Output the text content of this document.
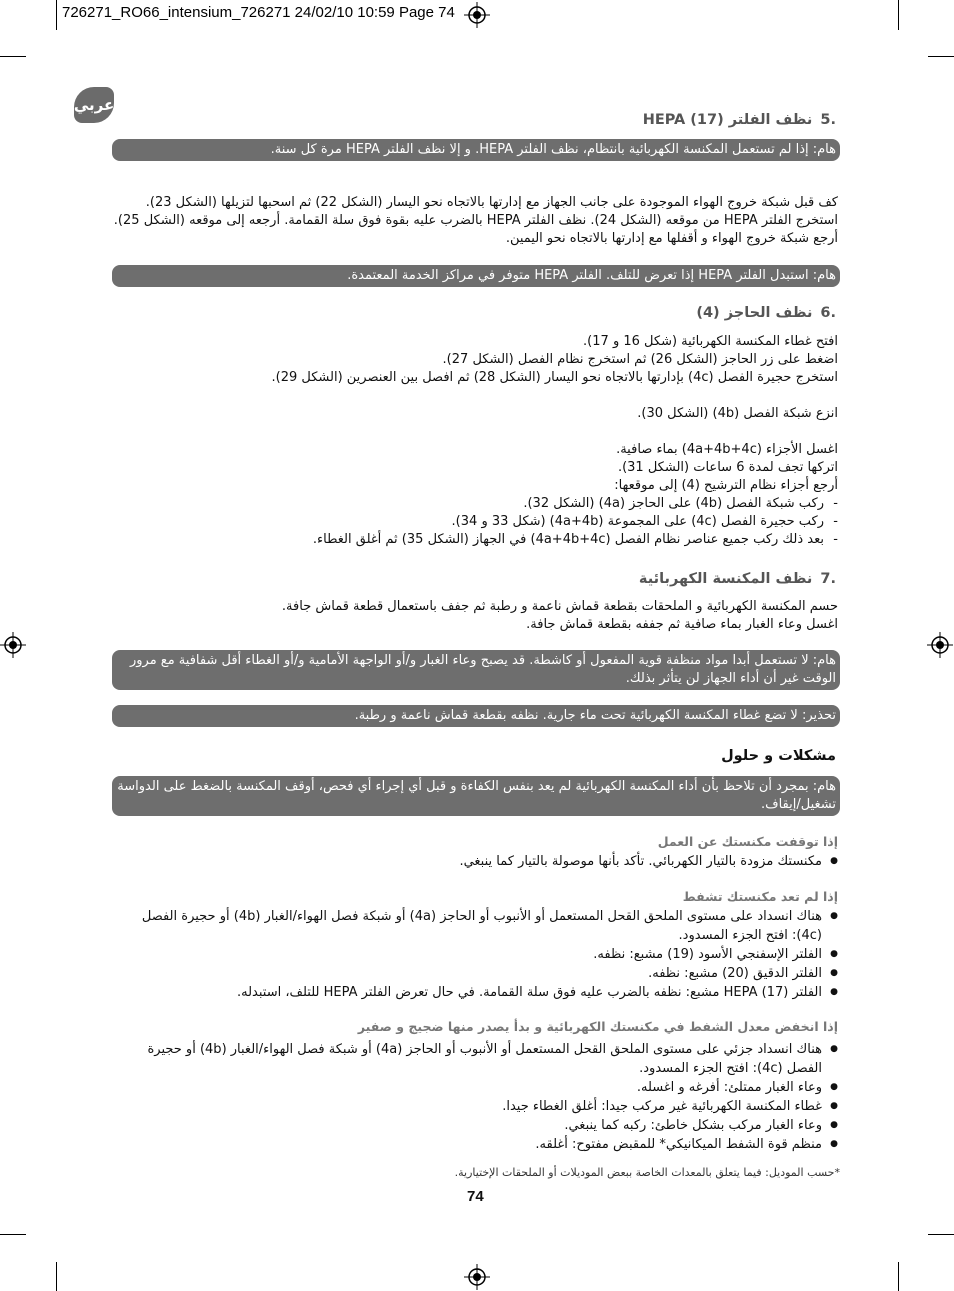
726271_RO66_intensium_726271 24/02/10 10:59 Page 74
عربي
.5نظف الفلتر HEPA (17)
هام: إذا لم تستعمل المكنسة الكهربائية بانتظام، نظف الفلتر HEPA. و إلا نظف الفلتر HEPA مرة كل سنة.
كف قبل شبكة خروج الهواء الموجودة على جانب الجهاز مع إدارتها بالاتجاه نحو اليسار (الشكل 22) ثم اسحبها لتزيلها (الشكل 23).
استخرج الفلتر HEPA من موقعه (الشكل 24). نظف الفلتر HEPA بالضرب عليه بقوة فوق سلة القمامة. أرجعه إلى موقعه (الشكل 25).
أرجع شبكة خروج الهواء و أقفلها مع إدارتها بالاتجاه نحو اليمين.
هام: استبدل الفلتر HEPA إذا تعرض للتلف. الفلتر HEPA متوفر في مراكز الخدمة المعتمدة.
.6نظف الحاجز (4)
افتح غطاء المكنسة الكهربائية (شكل 16 و 17).
اضغط على زر الحاجز (الشكل 26) ثم استخرج نظام الفصل (الشكل 27).
استخرج حجيرة الفصل (4c) بإدارتها بالاتجاه نحو اليسار (الشكل 28) ثم افصل بين العنصرين (الشكل 29).
انزع شبكة الفصل (4b) (الشكل 30).
اغسل الأجزاء (4a+4b+4c) بماء صافية.
اتركها تجف لمدة 6 ساعات (الشكل 31).
أرجع أجزاء نظام الترشيح (4) إلى موقعها:
- ركب شبكة الفصل (4b) على الحاجز (4a) (الشكل 32).
- ركب حجيرة الفصل (4c) على المجموعة (4a+4b) (شكل 33 و 34).
- بعد ذلك ركب جميع عناصر نظام الفصل (4a+4b+4c) في الجهاز (الشكل 35) ثم أغلق الغطاء.
.7نظف المكنسة الكهربائية
حسم المكنسة الكهربائية و الملحقات بقطعة قماش ناعمة و رطبة ثم جفف باستعمال قطعة قماش جافة.
اغسل وعاء الغبار بماء صافية ثم جففه بقطعة قماش جافة.
هام: لا تستعمل أبدا مواد منظفة قوية المفعول أو كاشطة. قد يصبح وعاء الغبار و/أو الواجهة الأمامية و/أو الغطاء أقل شفافية مع مرور الوقت غير أن أداء الجهاز لن يتأثر بذلك.
تحذير: لا تضع غطاء المكنسة الكهربائية تحت ماء جارية. نظفه بقطعة قماش ناعمة و رطبة.
مشكلات و حلول
هام: بمجرد أن تلاحظ بأن أداء المكنسة الكهربائية لم يعد بنفس الكفاءة و قبل أي إجراء أي فحص، أوقف المكنسة بالضغط على الدواسة تشغيل/إيقاف.
إذا توقفت مكنستك عن العمل
● مكنستك مزودة بالتيار الكهربائي. تأكد بأنها موصولة بالتيار كما ينبغي.
إذا لم تعد مكنستك تشفط
● هناك انسداد على مستوى الملحق القحل المستعمل أو الأنبوب أو الحاجز (4a) أو شبكة فصل الهواء/الغبار (4b) أو حجيرة الفصل (4c): افتح الجزء المسدود.
● الفلتر الإسفنجي الأسود (19) مشبع: نظفه.
● الفلتر الدقيق (20) مشبع: نظفه.
● الفلتر HEPA (17) مشبع: نظفه بالضرب عليه فوق سلة القمامة. في حال تعرض الفلتر HEPA للتلف، استبدله.
إذا انخفض معدل الشفط في مكنستك الكهربائية و بدأ يصدر منها ضجيج و صفير
● هناك انسداد جزئي على مستوى الملحق القحل المستعمل أو الأنبوب أو الحاجز (4a) أو شبكة فصل الهواء/الغبار (4b) أو حجيرة الفصل (4c): افتح الجزء المسدود.
● وعاء الغبار ممتلئ: أفرغه و اغسله.
● غطاء المكنسة الكهربائية غير مركب جيدا: أغلق الغطاء جيدا.
● وعاء الغبار مركب بشكل خاطئ: ركبه كما ينبغي.
● منظم قوة الشفط الميكانيكي* للمقبض مفتوح: أغلقه.
*حسب الموديل: فيما يتعلق بالمعدات الخاصة ببعض الموديلات أو الملحقات الإختيارية.
74
